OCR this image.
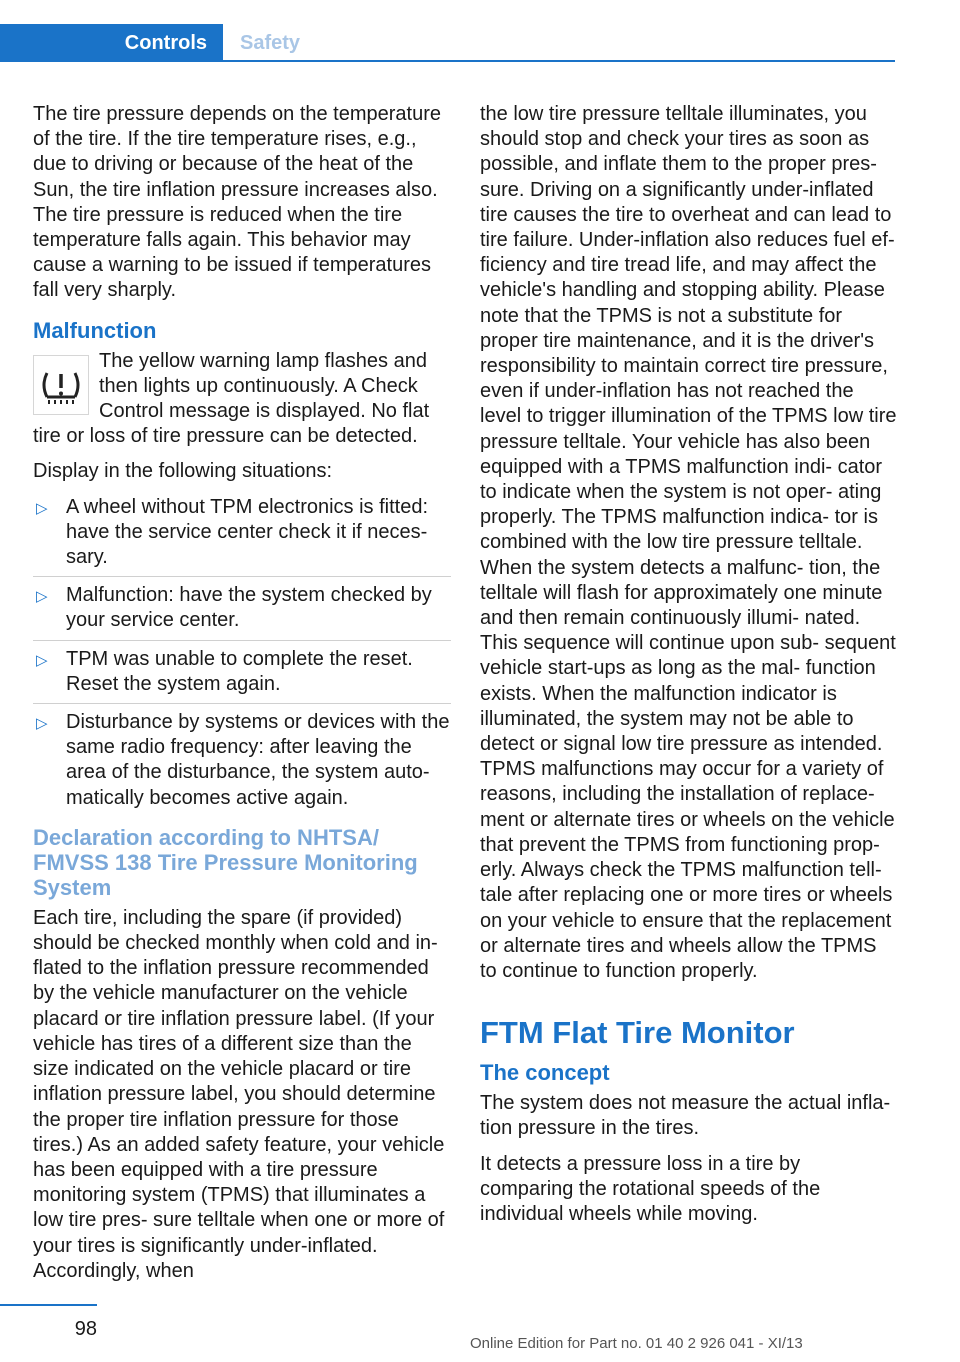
Controls	Safety

The tire pressure depends on the temperature of the tire. If the tire temperature rises, e.g., due to driving or because of the heat of the Sun, the tire inflation pressure increases also. The tire pressure is reduced when the tire temperature falls again. This behavior may cause a warning to be issued if temperatures fall very sharply.

Malfunction
The yellow warning lamp flashes and then lights up continuously. A Check Control message is displayed. No flat tire or loss of tire pressure can be detected.

Display in the following situations:

▷ A wheel without TPM electronics is fitted: have the service center check it if neces‐ sary.
▷ Malfunction: have the system checked by your service center.
▷ TPM was unable to complete the reset. Reset the system again.
▷ Disturbance by systems or devices with the same radio frequency: after leaving the area of the disturbance, the system auto‐ matically becomes active again.
Declaration according to NHTSA/ FMVSS 138 Tire Pressure Monitoring System

Each tire, including the spare (if provided) should be checked monthly when cold and in‐ flated to the inflation pressure recommended by the vehicle manufacturer on the vehicle placard or tire inflation pressure label. (If your vehicle has tires of a different size than the size indicated on the vehicle placard or tire inflation pressure label, you should determine the proper tire inflation pressure for those tires.) As an added safety feature, your vehicle has been equipped with a tire pressure monitoring system (TPMS) that illuminates a low tire pres‐ sure telltale when one or more of your tires is significantly under-inflated. Accordingly, when

the low tire pressure telltale illuminates, you should stop and check your tires as soon as possible, and inflate them to the proper pres‐ sure. Driving on a significantly under-inflated tire causes the tire to overheat and can lead to tire failure. Under-inflation also reduces fuel ef‐ ficiency and tire tread life, and may affect the vehicle's handling and stopping ability. Please note that the TPMS is not a substitute for proper tire maintenance, and it is the driver's responsibility to maintain correct tire pressure, even if under-inflation has not reached the level to trigger illumination of the TPMS low tire pressure telltale. Your vehicle has also been equipped with a TPMS malfunction indi‐ cator to indicate when the system is not oper‐ ating properly. The TPMS malfunction indica‐ tor is combined with the low tire pressure telltale. When the system detects a malfunc‐ tion, the telltale will flash for approximately one minute and then remain continuously illumi‐ nated. This sequence will continue upon sub‐ sequent vehicle start-ups as long as the mal‐ function exists. When the malfunction indicator is illuminated, the system may not be able to detect or signal low tire pressure as intended. TPMS malfunctions may occur for a variety of reasons, including the installation of replace‐ ment or alternate tires or wheels on the vehicle that prevent the TPMS from functioning prop‐ erly. Always check the TPMS malfunction tell‐ tale after replacing one or more tires or wheels on your vehicle to ensure that the replacement or alternate tires and wheels allow the TPMS to continue to function properly.

FTM Flat Tire Monitor
The concept

The system does not measure the actual infla‐ tion pressure in the tires.

It detects a pressure loss in a tire by comparing the rotational speeds of the individual wheels while moving.

98
Online Edition for Part no. 01 40 2 926 041 - XI/13
